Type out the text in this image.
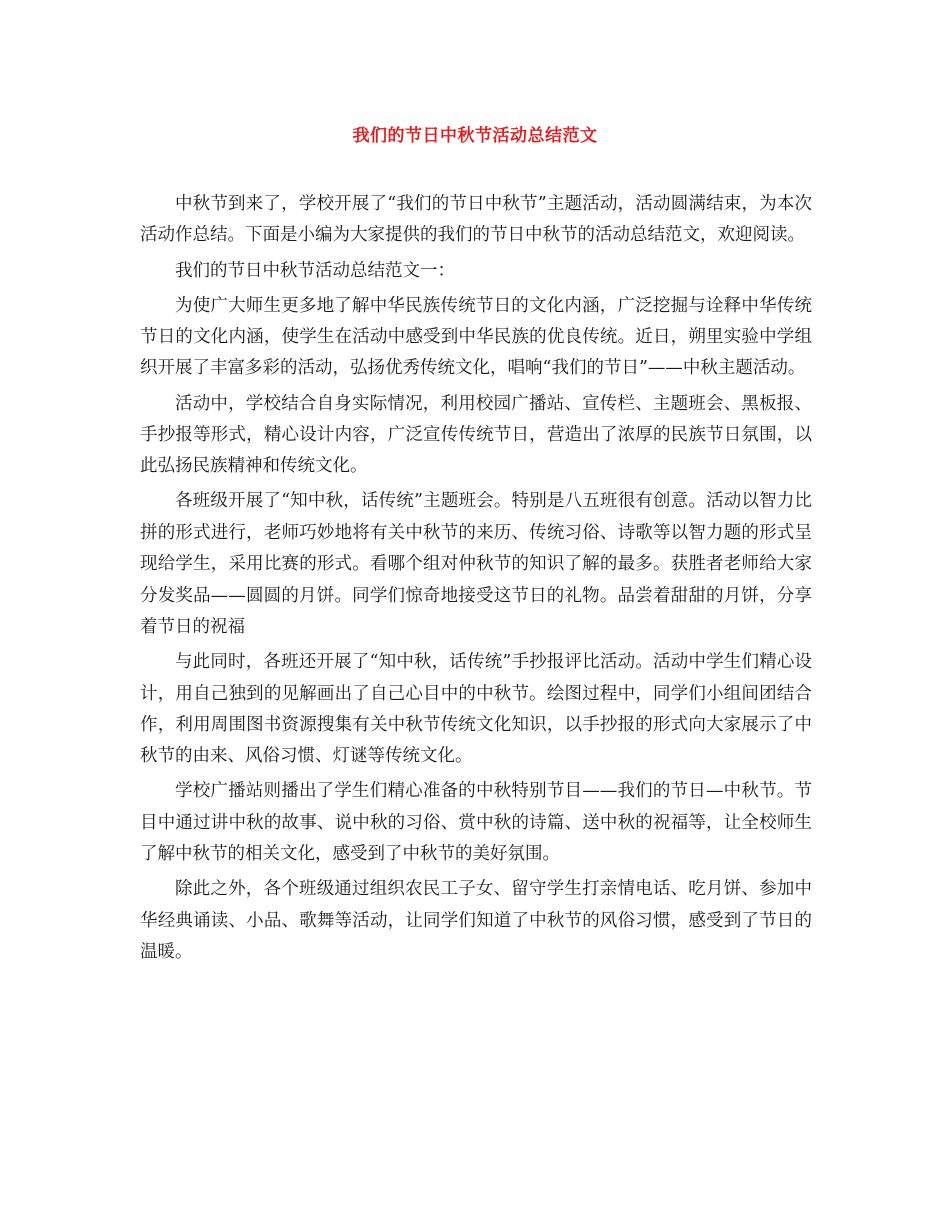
我们的节日中秋节活动总结范文

中秋节到来了，学校开展了“我们的节日中秋节”主题活动，活动圆满结束，为本次活动作总结。下面是小编为大家提供的我们的节日中秋节的活动总结范文，欢迎阅读。

我们的节日中秋节活动总结范文一：

为使广大师生更多地了解中华民族传统节日的文化内涵，广泛挖掘与诠释中华传统节日的文化内涵，使学生在活动中感受到中华民族的优良传统。近日，朔里实验中学组织开展了丰富多彩的活动，弘扬优秀传统文化，唱响“我们的节日”——中秋主题活动。

活动中，学校结合自身实际情况，利用校园广播站、宣传栏、主题班会、黑板报、手抄报等形式，精心设计内容，广泛宣传传统节日，营造出了浓厚的民族节日氛围，以此弘扬民族精神和传统文化。

各班级开展了“知中秋，话传统”主题班会。特别是八五班很有创意。活动以智力比拼的形式进行，老师巧妙地将有关中秋节的来历、传统习俗、诗歌等以智力题的形式呈现给学生，采用比赛的形式。看哪个组对仲秋节的知识了解的最多。获胜者老师给大家分发奖品——圆圆的月饼。同学们惊奇地接受这节日的礼物。品尝着甜甜的月饼，分享着节日的祝福

与此同时，各班还开展了“知中秋，话传统”手抄报评比活动。活动中学生们精心设计，用自己独到的见解画出了自己心目中的中秋节。绘图过程中，同学们小组间团结合作，利用周围图书资源搜集有关中秋节传统文化知识，以手抄报的形式向大家展示了中秋节的由来、风俗习惯、灯谜等传统文化。

学校广播站则播出了学生们精心准备的中秋特别节目——我们的节日—中秋节。节目中通过讲中秋的故事、说中秋的习俗、赏中秋的诗篇、送中秋的祝福等，让全校师生了解中秋节的相关文化，感受到了中秋节的美好氛围。

除此之外，各个班级通过组织农民工子女、留守学生打亲情电话、吃月饼、参加中华经典诵读、小品、歌舞等活动，让同学们知道了中秋节的风俗习惯，感受到了节日的温暖。
